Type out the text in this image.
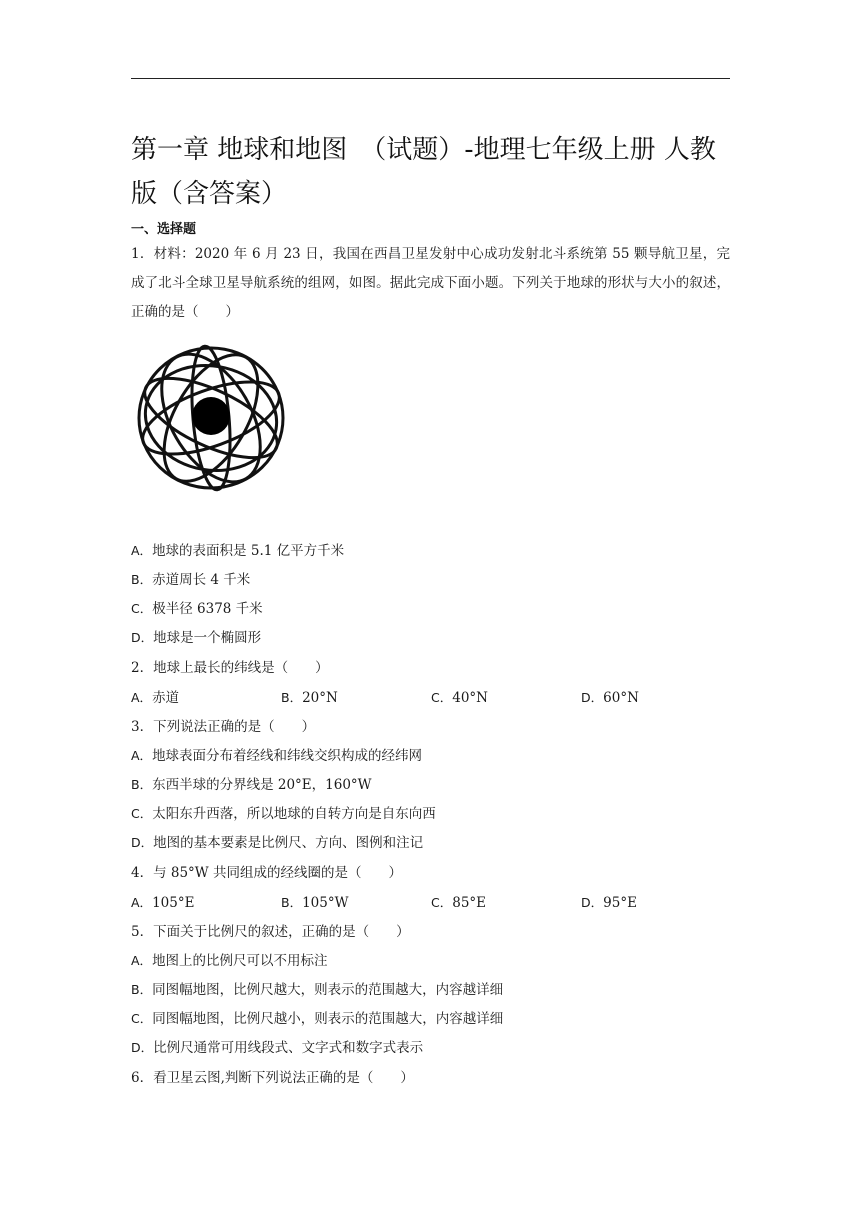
第一章 地球和地图　（试题）-地理七年级上册 人教版（含答案）
一、选择题

1．材料：2020 年 6 月 23 日，我国在西昌卫星发射中心成功发射北斗系统第 55 颗导航卫星，完成了北斗全球卫星导航系统的组网，如图。据此完成下面小题。下列关于地球的形状与大小的叙述，正确的是（　　）

A．地球的表面积是 5.1 亿平方千米
B．赤道周长 4 千米
C．极半径 6378 千米
D．地球是一个椭圆形
2．地球上最长的纬线是（　　）
A．赤道	B．20°N	C．40°N	D．60°N
3．下列说法正确的是（　　）
A．地球表面分布着经线和纬线交织构成的经纬网
B．东西半球的分界线是 20°E，160°W
C．太阳东升西落，所以地球的自转方向是自东向西
D．地图的基本要素是比例尺、方向、图例和注记
4．与 85°W 共同组成的经线圈的是（　　）
A．105°E	B．105°W	C．85°E	D．95°E
5．下面关于比例尺的叙述，正确的是（　　）
A．地图上的比例尺可以不用标注
B．同图幅地图，比例尺越大，则表示的范围越大，内容越详细
C．同图幅地图，比例尺越小，则表示的范围越大，内容越详细
D．比例尺通常可用线段式、文字式和数字式表示
6．看卫星云图,判断下列说法正确的是（　　）
